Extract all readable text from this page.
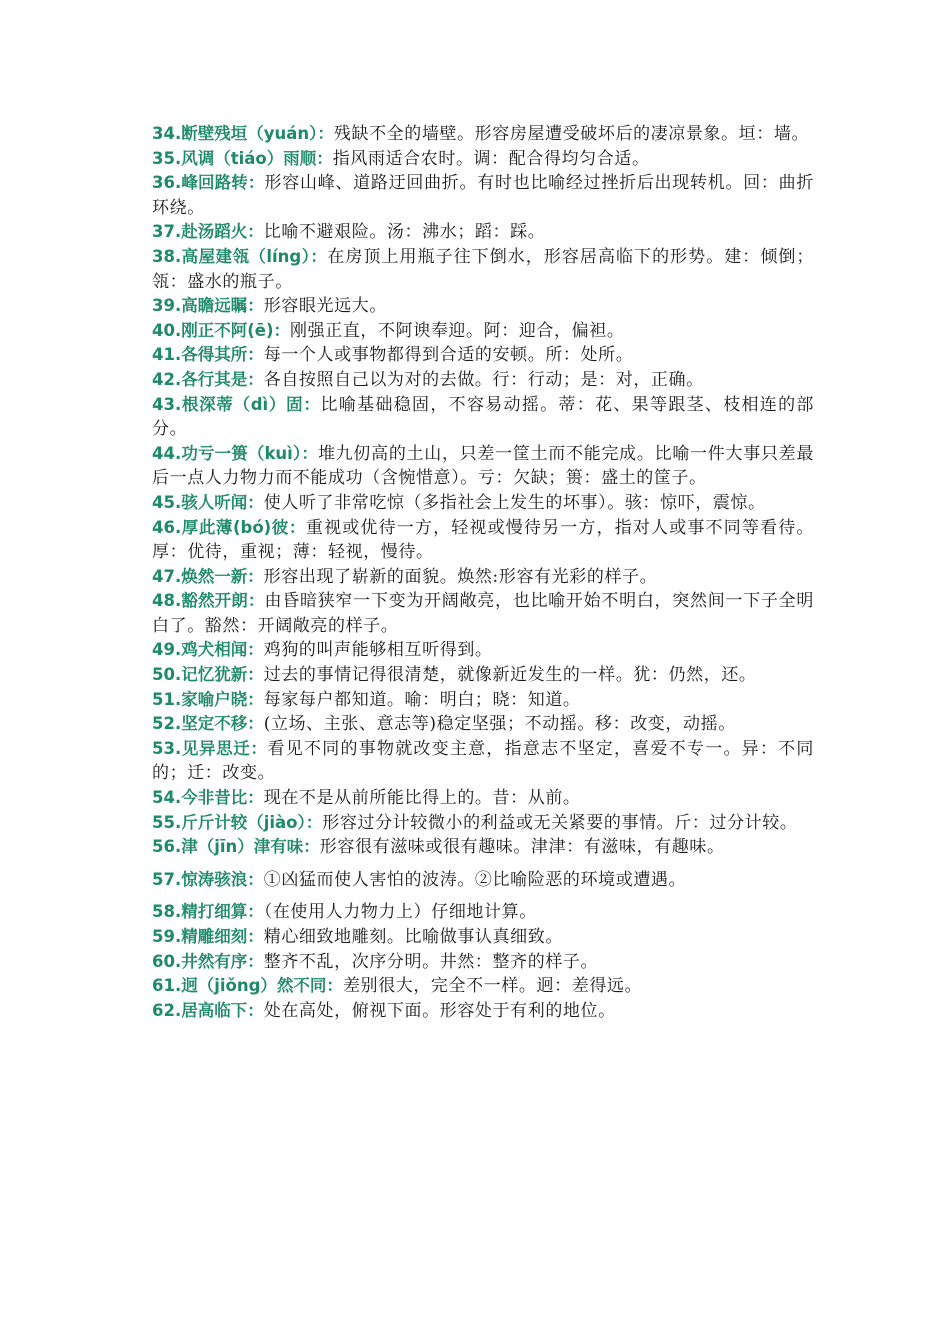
34.断壁残垣（yuán）：残缺不全的墙壁。形容房屋遭受破坏后的凄凉景象。垣：墙。

35.风调（tiáo）雨顺：指风雨适合农时。调：配合得均匀合适。

36.峰回路转：形容山峰、道路迂回曲折。有时也比喻经过挫折后出现转机。回：曲折环绕。

37.赴汤蹈火：比喻不避艰险。汤：沸水；蹈：踩。

38.高屋建瓴（líng）：在房顶上用瓶子往下倒水，形容居高临下的形势。建：倾倒；瓴：盛水的瓶子。

39.高瞻远瞩：形容眼光远大。

40.刚正不阿(ē)：刚强正直，不阿谀奉迎。阿：迎合，偏袒。

41.各得其所：每一个人或事物都得到合适的安顿。所：处所。

42.各行其是：各自按照自己以为对的去做。行：行动；是：对，正确。

43.根深蒂（dì）固：比喻基础稳固，不容易动摇。蒂：花、果等跟茎、枝相连的部分。

44.功亏一篑（kuì）：堆九仞高的土山，只差一筐土而不能完成。比喻一件大事只差最后一点人力物力而不能成功（含惋惜意）。亏：欠缺；篑：盛土的筐子。

45.骇人听闻：使人听了非常吃惊（多指社会上发生的坏事）。骇：惊吓，震惊。

46.厚此薄(bó)彼：重视或优待一方，轻视或慢待另一方，指对人或事不同等看待。厚：优待，重视；薄：轻视，慢待。

47.焕然一新：形容出现了崭新的面貌。焕然:形容有光彩的样子。

48.豁然开朗：由昏暗狭窄一下变为开阔敞亮，也比喻开始不明白，突然间一下子全明白了。豁然：开阔敞亮的样子。

49.鸡犬相闻：鸡狗的叫声能够相互听得到。

50.记忆犹新：过去的事情记得很清楚，就像新近发生的一样。犹：仍然，还。

51.家喻户晓：每家每户都知道。喻：明白；晓：知道。

52.坚定不移：(立场、主张、意志等)稳定坚强；不动摇。移：改变，动摇。

53.见异思迁：看见不同的事物就改变主意，指意志不坚定，喜爱不专一。异：不同的；迁：改变。

54.今非昔比：现在不是从前所能比得上的。昔：从前。

55.斤斤计较（jiào）：形容过分计较微小的利益或无关紧要的事情。斤：过分计较。

56.津（jīn）津有味：形容很有滋味或很有趣味。津津：有滋味，有趣味。

57.惊涛骇浪：①凶猛而使人害怕的波涛。②比喻险恶的环境或遭遇。

58.精打细算：（在使用人力物力上）仔细地计算。

59.精雕细刻：精心细致地雕刻。比喻做事认真细致。

60.井然有序：整齐不乱，次序分明。井然：整齐的样子。

61.迥（jiǒng）然不同：差别很大，完全不一样。迥：差得远。

62.居高临下：处在高处，俯视下面。形容处于有利的地位。
